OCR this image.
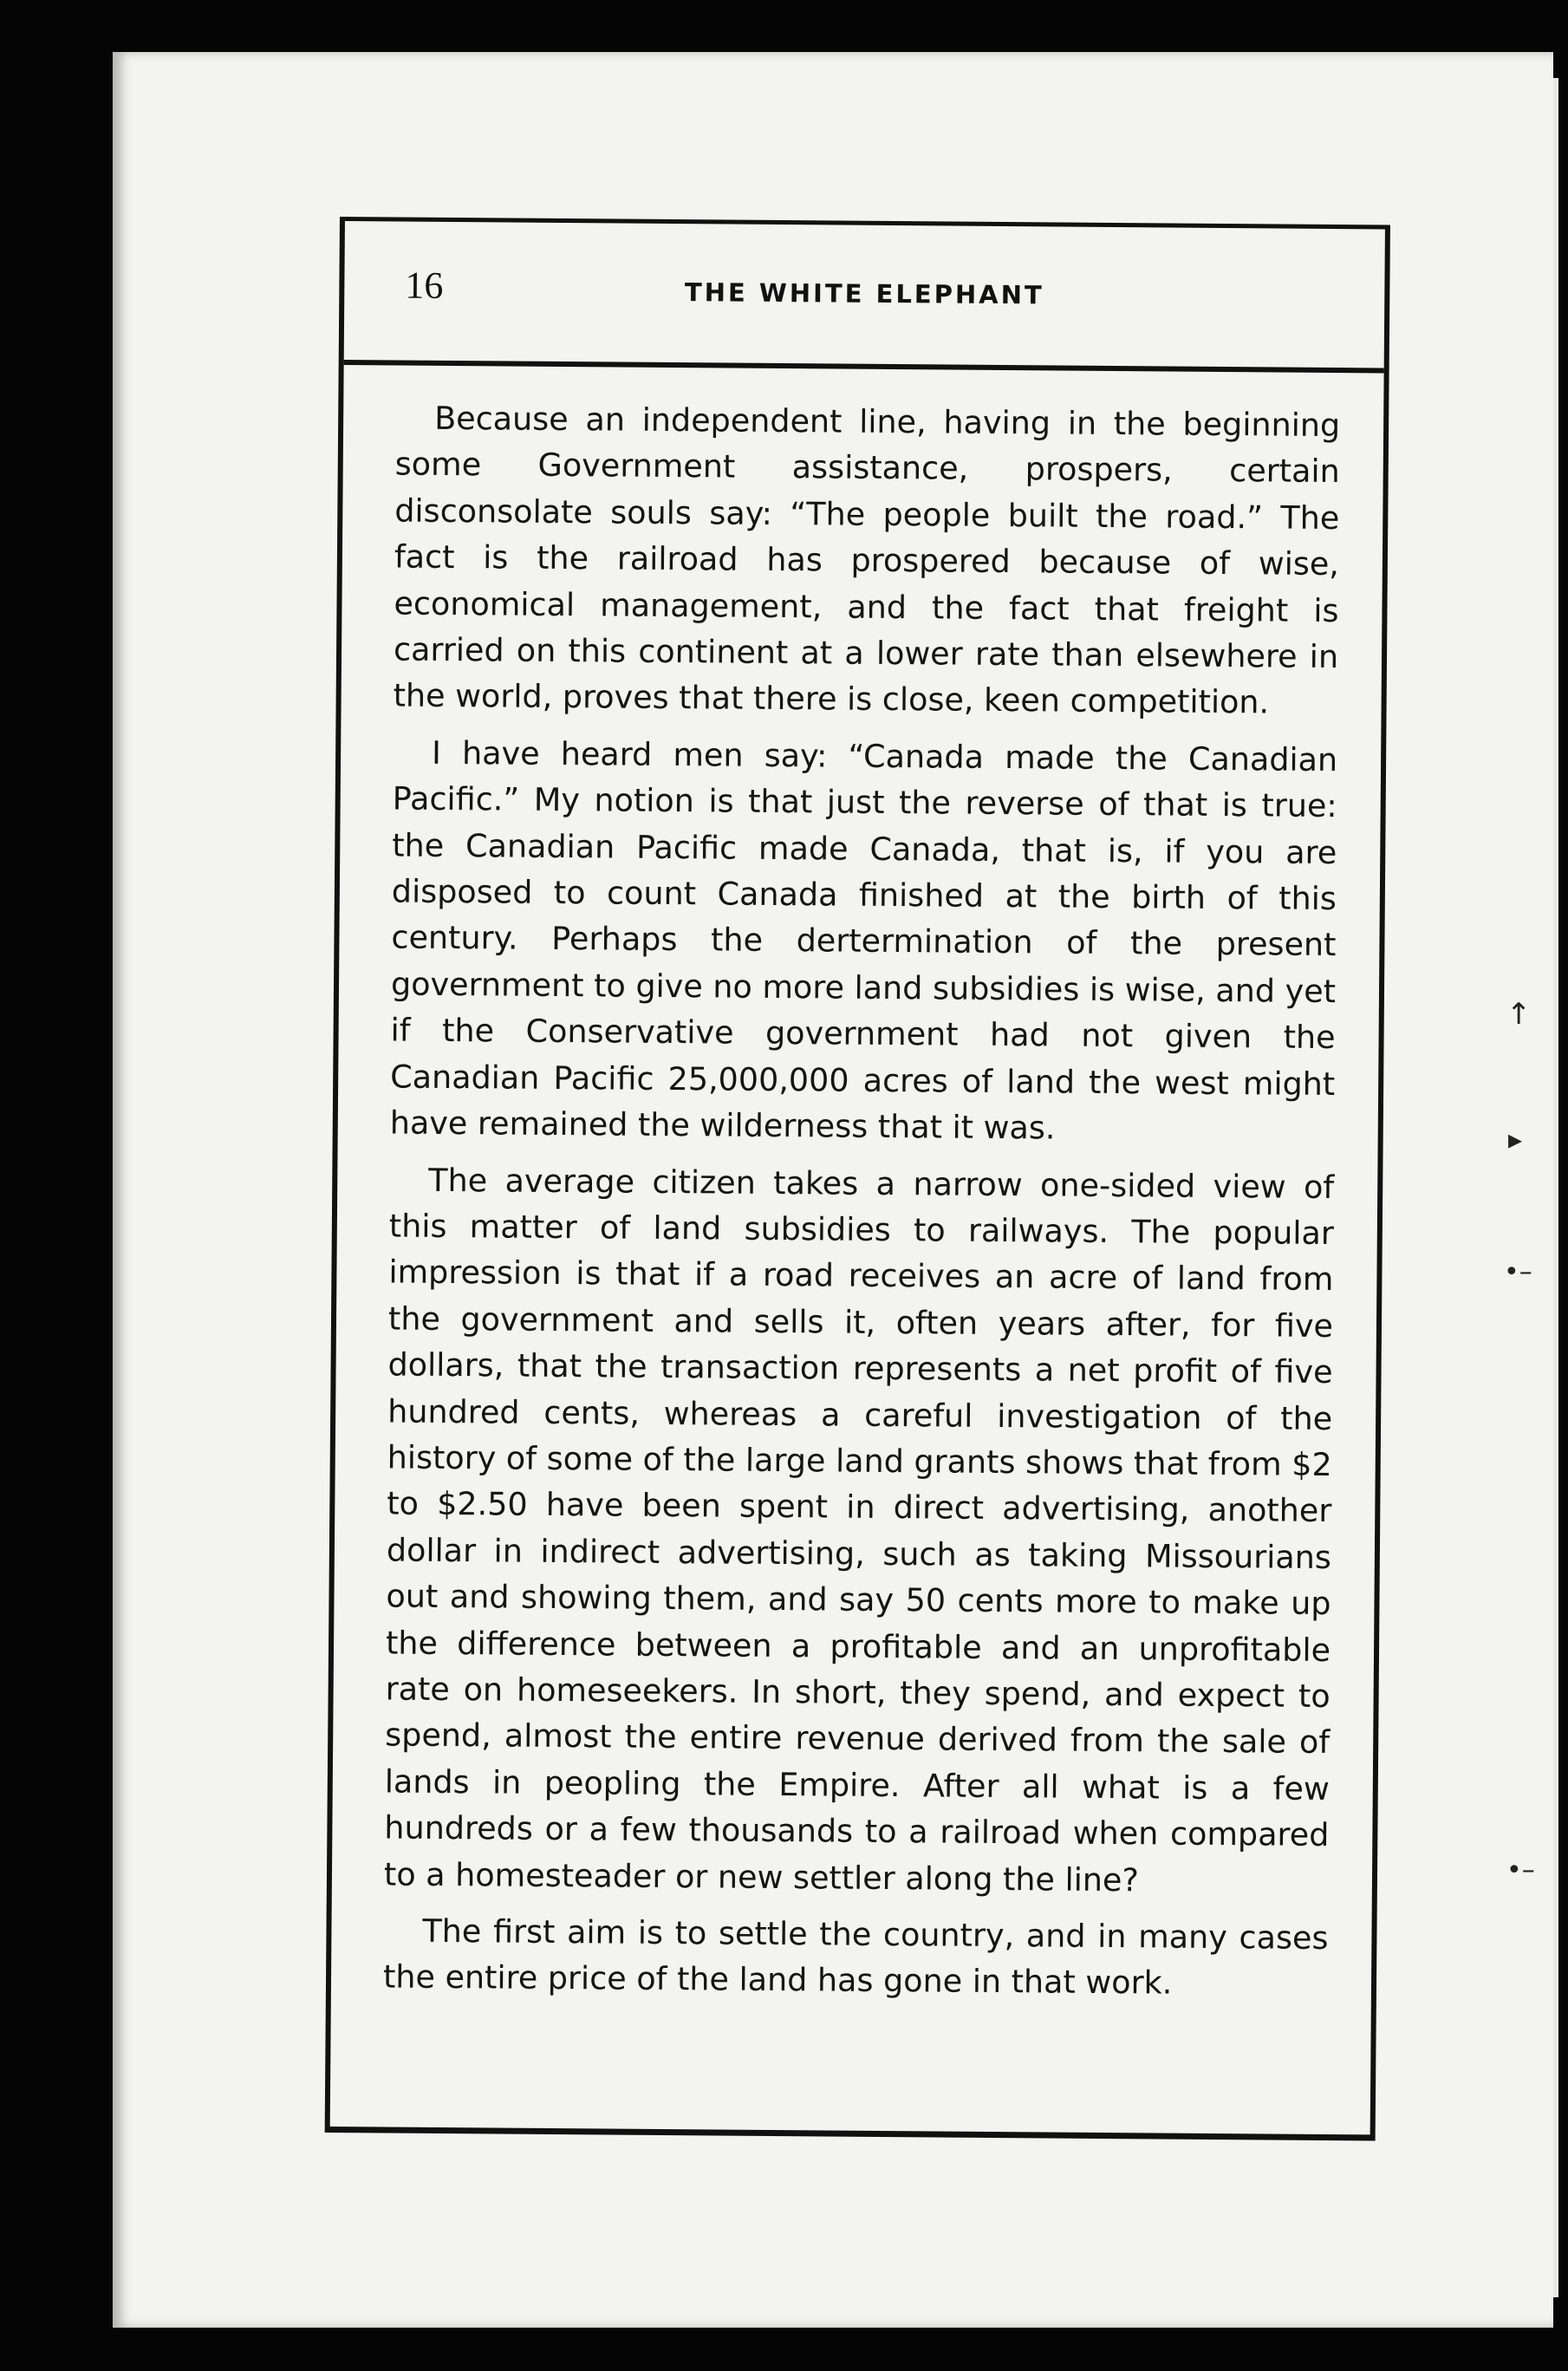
16	THE WHITE ELEPHANT

Because an independent line, having in the beginning some Government assistance, prospers, certain disconsolate souls say: “The people built the road.” The fact is the railroad has prospered because of wise, economical management, and the fact that freight is carried on this continent at a lower rate than elsewhere in the world, proves that there is close, keen competition.

I have heard men say: “Canada made the Canadian Pacific.” My notion is that just the reverse of that is true: the Canadian Pacific made Canada, that is, if you are disposed to count Canada finished at the birth of this century. Perhaps the dertermination of the present government to give no more land subsidies is wise, and yet if the Conservative government had not given the Canadian Pacific 25,000,000 acres of land the west might have remained the wilderness that it was.

The average citizen takes a narrow one-sided view of this matter of land subsidies to railways. The popular impression is that if a road receives an acre of land from the government and sells it, often years after, for five dollars, that the transaction represents a net profit of five hundred cents, whereas a careful investigation of the history of some of the large land grants shows that from $2 to $2.50 have been spent in direct advertising, another dollar in indirect advertising, such as taking Missourians out and showing them, and say 50 cents more to make up the difference between a profitable and an unprofitable rate on homeseekers. In short, they spend, and expect to spend, almost the entire revenue derived from the sale of lands in peopling the Empire. After all what is a few hundreds or a few thousands to a railroad when compared to a homesteader or new settler along the line?

The first aim is to settle the country, and in many cases the entire price of the land has gone in that work.

↑
▸
•–
•–
